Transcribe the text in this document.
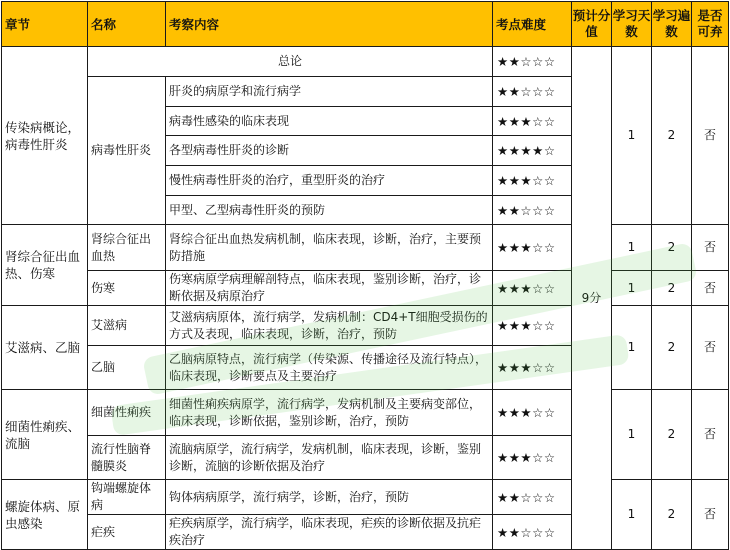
章节	名称	考察内容	考点难度	预计分值	学习天数	学习遍数	是否可弃
传染病概论，病毒性肝炎	总论		★★☆☆☆	9分	1	2	否
	病毒性肝炎	肝炎的病原学和流行病学	★★☆☆☆				
		病毒性感染的临床表现	★★★☆☆				
		各型病毒性肝炎的诊断	★★★★☆				
		慢性病毒性肝炎的治疗，重型肝炎的治疗	★★★☆☆				
		甲型、乙型病毒性肝炎的预防	★★☆☆☆				
肾综合征出血热、伤寒	肾综合征出血热	肾综合征出血热发病机制，临床表现，诊断，治疗，主要预防措施	★★★☆☆		1	2	否
	伤寒	伤寒病原学病理解剖特点，临床表现，鉴别诊断，治疗，诊断依据及病原治疗	★★★☆☆		1	2	否
艾滋病、乙脑	艾滋病	艾滋病病原体，流行病学，发病机制：CD4+T细胞受损伤的方式及表现，临床表现，诊断，治疗，预防	★★★☆☆		1	2	否
	乙脑	乙脑病原特点，流行病学（传染源、传播途径及流行特点），临床表现，诊断要点及主要治疗	★★★☆☆				
细菌性痢疾、流脑	细菌性痢疾	细菌性痢疾病原学，流行病学，发病机制及主要病变部位，临床表现，诊断依据，鉴别诊断，治疗，预防	★★★☆☆		1	2	否
	流行性脑脊髓膜炎	流脑病原学，流行病学，发病机制，临床表现，诊断，鉴别诊断，流脑的诊断依据及治疗	★★★☆☆				
螺旋体病、原虫感染	钩端螺旋体病	钩体病病原学，流行病学，诊断，治疗，预防	★★☆☆☆		1	2	否
	疟疾	疟疾病原学，流行病学，临床表现，疟疾的诊断依据及抗疟疾治疗	★★☆☆☆				
